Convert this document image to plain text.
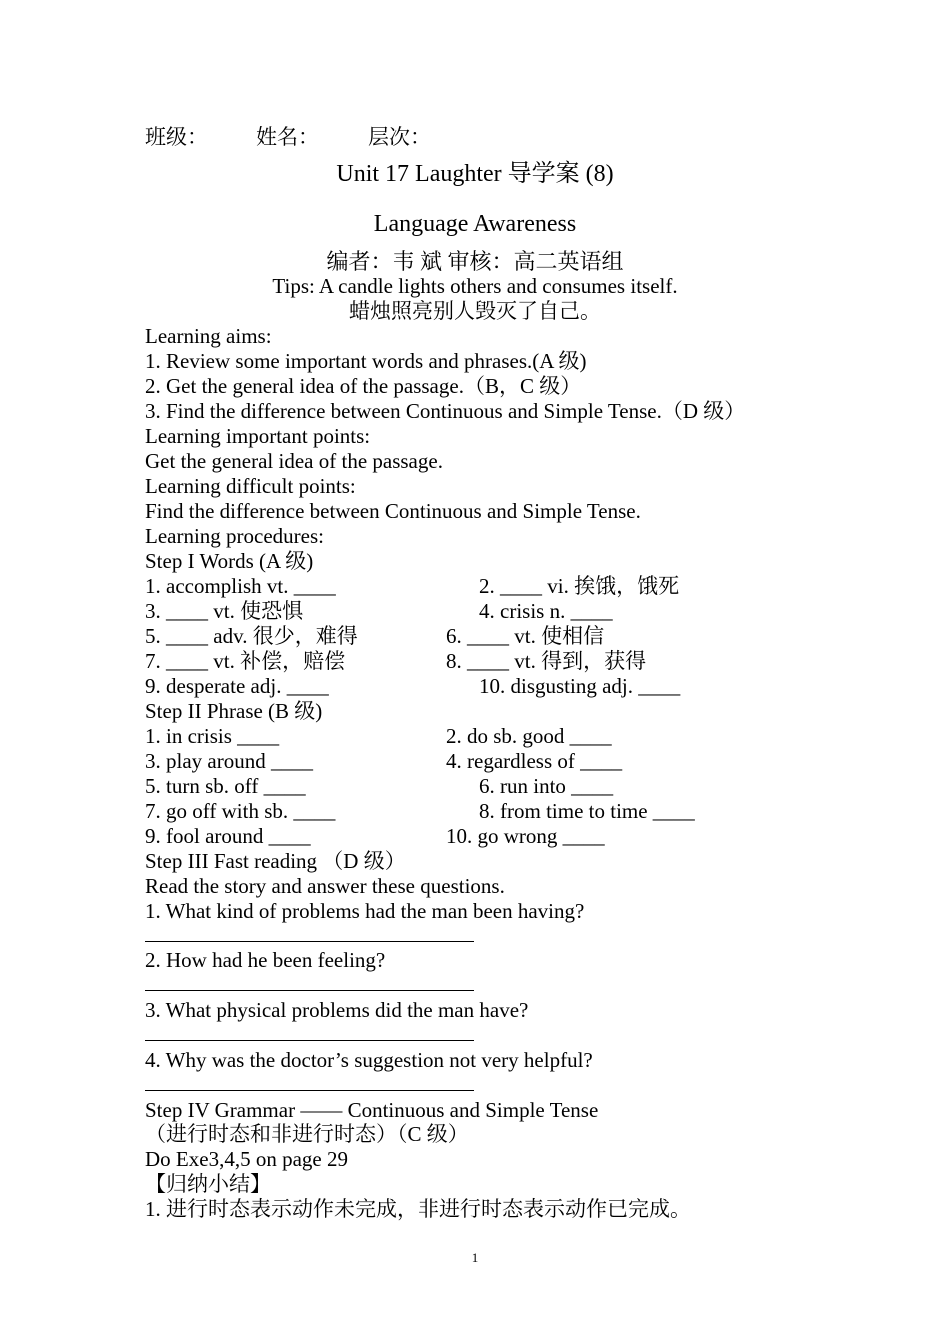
班级： 姓名： 层次：
Unit 17 Laughter 导学案 (8)
Language Awareness
编者：韦 斌 审核：高二英语组
Tips: A candle lights others and consumes itself.
蜡烛照亮别人毁灭了自己。
Learning aims:
1. Review some important words and phrases.(A 级)
2. Get the general idea of the passage.（B，C 级）
3. Find the difference between Continuous and Simple Tense.（D 级）
Learning important points:
Get the general idea of the passage.
Learning difficult points:
Find the difference between Continuous and Simple Tense.
Learning procedures:
Step I Words (A 级)
1. accomplish vt. ____	2. ____ vi. 挨饿，饿死
3. ____ vt. 使恐惧	4. crisis n. ____
5. ____ adv. 很少，难得	6. ____ vt. 使相信
7. ____ vt. 补偿，赔偿	8. ____ vt. 得到，获得
9. desperate adj. ____	10. disgusting adj. ____
Step II Phrase (B 级)
1. in crisis ____	2. do sb. good ____
3. play around ____	4. regardless of ____
5. turn sb. off ____	6. run into ____
7. go off with sb. ____	8. from time to time ____
9. fool around ____	10. go wrong ____
Step III Fast reading （D 级）
Read the story and answer these questions.
1. What kind of problems had the man been having?
2. How had he been feeling?
3. What physical problems did the man have?
4. Why was the doctor’s suggestion not very helpful?
Step IV Grammar —— Continuous and Simple Tense
（进行时态和非进行时态）（C 级）
Do Exe3,4,5 on page 29
【归纳小结】
1. 进行时态表示动作未完成，非进行时态表示动作已完成。
1
